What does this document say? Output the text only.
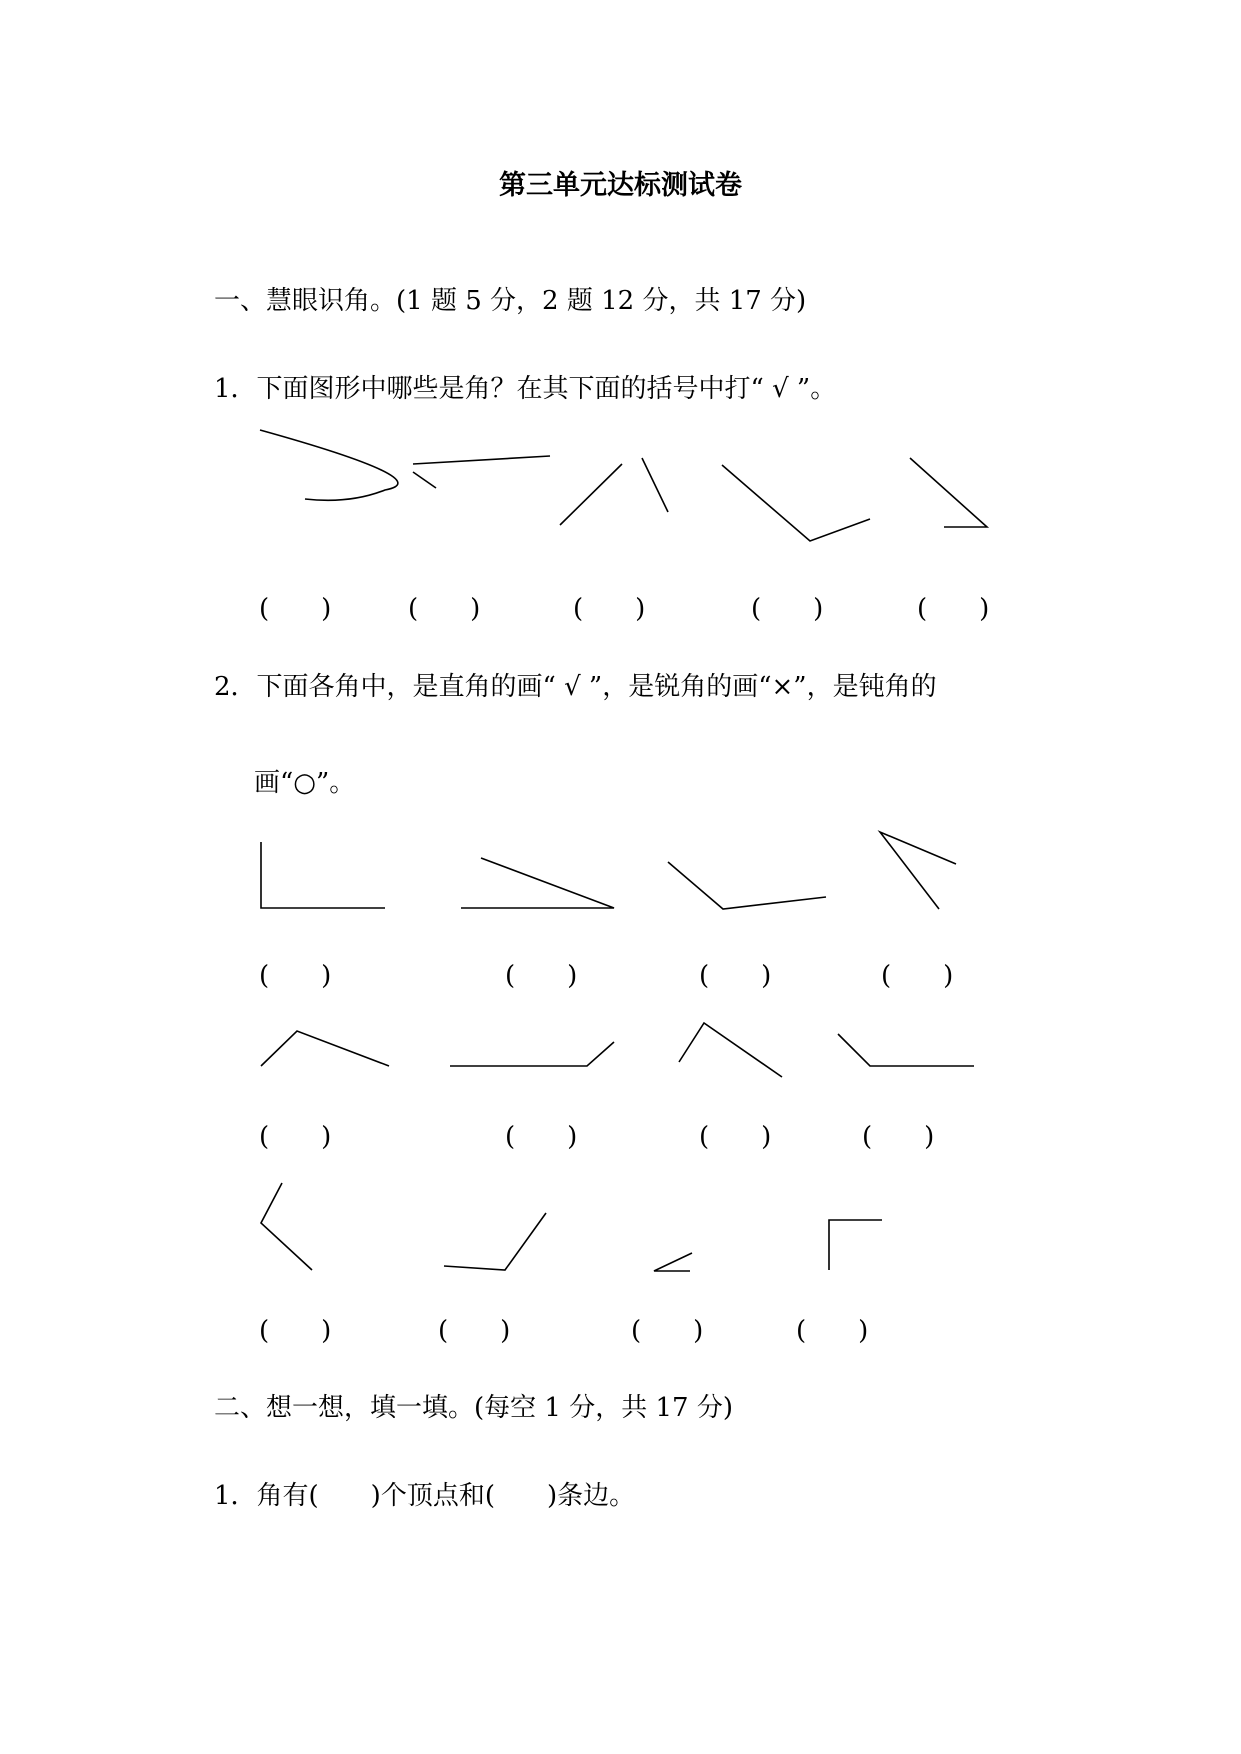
第三单元达标测试卷
一、慧眼识角。(1 题 5 分，2 题 12 分，共 17 分)
1．下面图形中哪些是角？在其下面的括号中打“ √ ”。
(　　)	(　　)	(　　)	(　　)	(　　)
2．下面各角中，是直角的画“ √ ”，是锐角的画“×”，是钝角的
画“○”。
(　　)	(　　)	(　　)	(　　)
(　　)	(　　)	(　　)	(　　)
(　　)	(　　)	(　　)	(　　)
二、想一想，填一填。(每空 1 分，共 17 分)
1．角有(　　)个顶点和(　　)条边。
